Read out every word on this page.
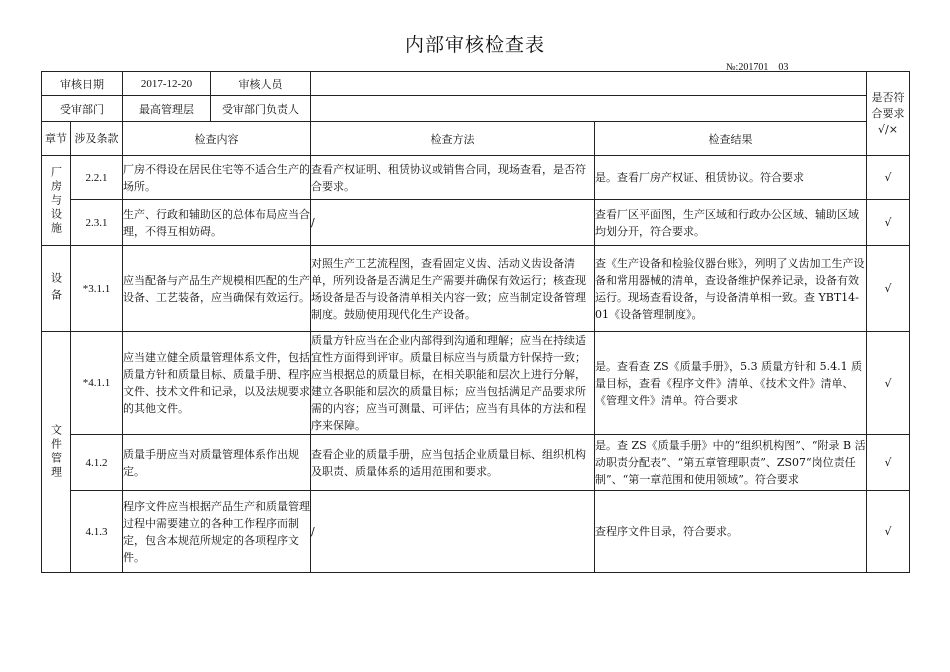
内部审核检查表
№:201701　03
审核日期		2017-12-20	审核人员			是否符合要求 √/×
受审部门		最高管理层	受审部门负责人			
章节	涉及条款	检查内容		检查方法	检查结果	
厂房与设施	2.2.1	厂房不得设在居民住宅等不适合生产的场所。		查看产权证明、租赁协议或销售合同，现场查看，是否符合要求。	是。查看厂房产权证、租赁协议。符合要求	√
	2.3.1	生产、行政和辅助区的总体布局应当合理，不得互相妨碍。		/	查看厂区平面图，生产区域和行政办公区域、辅助区域均划分开，符合要求。	√
设备	*3.1.1	应当配备与产品生产规模相匹配的生产设备、工艺装备，应当确保有效运行。		对照生产工艺流程图，查看固定义齿、活动义齿设备清单，所列设备是否满足生产需要并确保有效运行；核查现场设备是否与设备清单相关内容一致；应当制定设备管理制度。鼓励使用现代化生产设备。	查《生产设备和检验仪器台账》，列明了义齿加工生产设备和常用器械的清单，查设备维护保养记录，设备有效运行。现场查看设备，与设备清单相一致。查 YBT14-01《设备管理制度》。	√
文件管理	*4.1.1	应当建立健全质量管理体系文件，包括质量方针和质量目标、质量手册、程序文件、技术文件和记录，以及法规要求的其他文件。		质量方针应当在企业内部得到沟通和理解；应当在持续适宜性方面得到评审。质量目标应当与质量方针保持一致；应当根据总的质量目标，在相关职能和层次上进行分解，建立各职能和层次的质量目标；应当包括满足产品要求所需的内容；应当可测量、可评估；应当有具体的方法和程序来保障。	是。查看查 ZS《质量手册》，5.3 质量方针和 5.4.1 质量目标，查看《程序文件》清单、《技术文件》清单、《管理文件》清单。符合要求	√
	4.1.2	质量手册应当对质量管理体系作出规定。		查看企业的质量手册，应当包括企业质量目标、组织机构及职责、质量体系的适用范围和要求。	是。查 ZS《质量手册》中的“组织机构图”、“附录 B 活动职责分配表”、“第五章管理职责”、ZS07“岗位责任制”、“第一章范围和使用领域”。符合要求	√
	4.1.3	程序文件应当根据产品生产和质量管理过程中需要建立的各种工作程序而制定，包含本规范所规定的各项程序文件。		/	查程序文件目录，符合要求。	√
